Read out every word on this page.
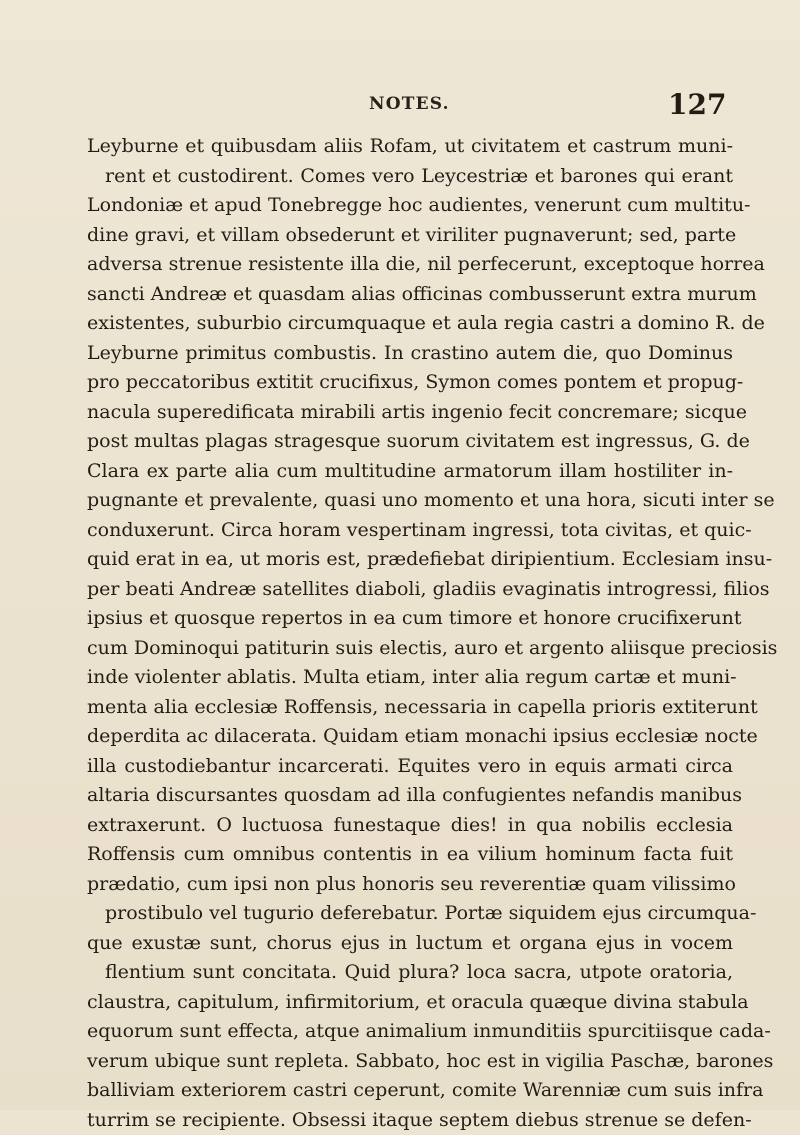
NOTES.	127
Leyburne et quibusdam aliis Rofam, ut civitatem et castrum muni-
rent et custodirent. Comes vero Leycestriæ et barones qui erant
Londoniæ et apud Tonebregge hoc audientes, venerunt cum multitu-
dine gravi, et villam obsederunt et viriliter pugnaverunt; sed, parte
adversa strenue resistente illa die, nil perfecerunt, exceptoque horrea
sancti Andreæ et quasdam alias officinas combusserunt extra murum
existentes, suburbio circumquaque et aula regia castri a domino R. de
Leyburne primitus combustis. In crastino autem die, quo Dominus
pro peccatoribus extitit crucifixus, Symon comes pontem et propug-
nacula superedificata mirabili artis ingenio fecit concremare; sicque
post multas plagas stragesque suorum civitatem est ingressus, G. de
Clara ex parte alia cum multitudine armatorum illam hostiliter in-
pugnante et prevalente, quasi uno momento et una hora, sicuti inter se
conduxerunt. Circa horam vespertinam ingressi, tota civitas, et quic-
quid erat in ea, ut moris est, prædefiebat diripientium. Ecclesiam insu-
per beati Andreæ satellites diaboli, gladiis evaginatis introgressi, filios
ipsius et quosque repertos in ea cum timore et honore crucifixerunt
cum Dominoqui patiturin suis electis, auro et argento aliisque preciosis
inde violenter ablatis. Multa etiam, inter alia regum cartæ et muni-
menta alia ecclesiæ Roffensis, necessaria in capella prioris extiterunt
deperdita ac dilacerata. Quidam etiam monachi ipsius ecclesiæ nocte
illa custodiebantur incarcerati. Equites vero in equis armati circa
altaria discursantes quosdam ad illa confugientes nefandis manibus
extraxerunt. O luctuosa funestaque dies! in qua nobilis ecclesia
Roffensis cum omnibus contentis in ea vilium hominum facta fuit
prædatio, cum ipsi non plus honoris seu reverentiæ quam vilissimo
prostibulo vel tugurio deferebatur. Portæ siquidem ejus circumqua-
que exustæ sunt, chorus ejus in luctum et organa ejus in vocem
flentium sunt concitata. Quid plura? loca sacra, utpote oratoria,
claustra, capitulum, infirmitorium, et oracula quæque divina stabula
equorum sunt effecta, atque animalium inmunditiis spurcitiisque cada-
verum ubique sunt repleta. Sabbato, hoc est in vigilia Paschæ, barones
balliviam exteriorem castri ceperunt, comite Warenniæ cum suis infra
turrim se recipiente. Obsessi itaque septem diebus strenue se defen-
